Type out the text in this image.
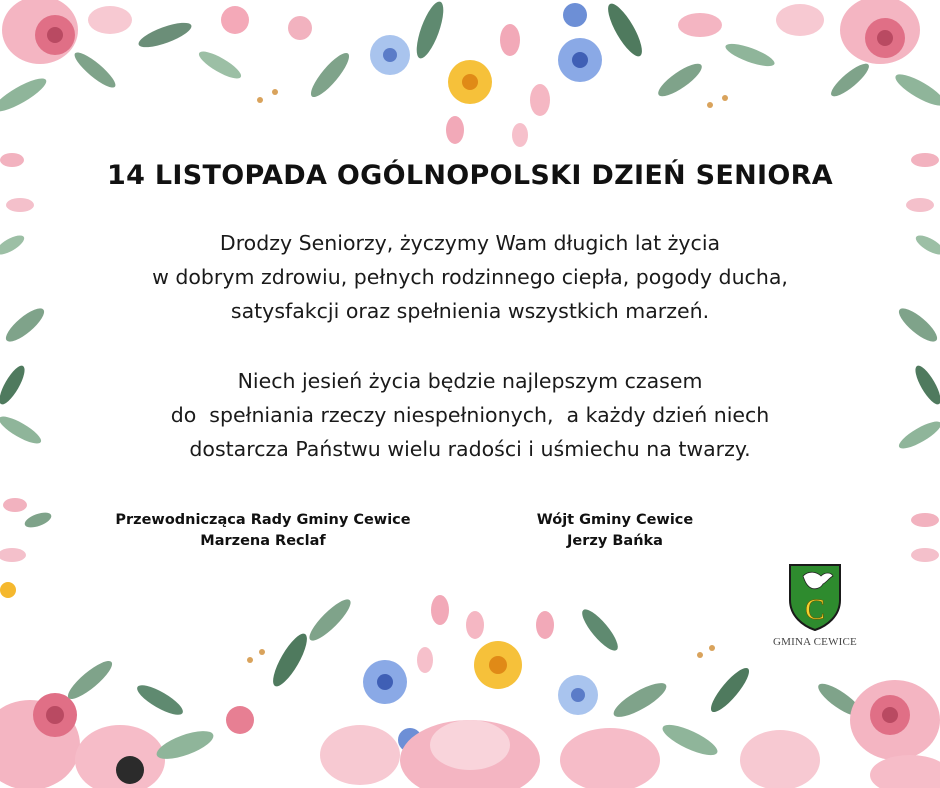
14 LISTOPADA OGÓLNOPOLSKI DZIEŃ SENIORA
Drodzy Seniorzy, życzymy Wam długich lat życia
w dobrym zdrowiu, pełnych rodzinnego ciepła, pogody ducha,
satysfakcji oraz spełnienia wszystkich marzeń.
Niech jesień życia będzie najlepszym czasem
do  spełniania rzeczy niespełnionych,  a każdy dzień niech
dostarcza Państwu wielu radości i uśmiechu na twarzy.
Przewodnicząca Rady Gminy Cewice
Marzena Reclaf
Wójt Gminy Cewice
Jerzy Bańka
C
GMINA CEWICE
